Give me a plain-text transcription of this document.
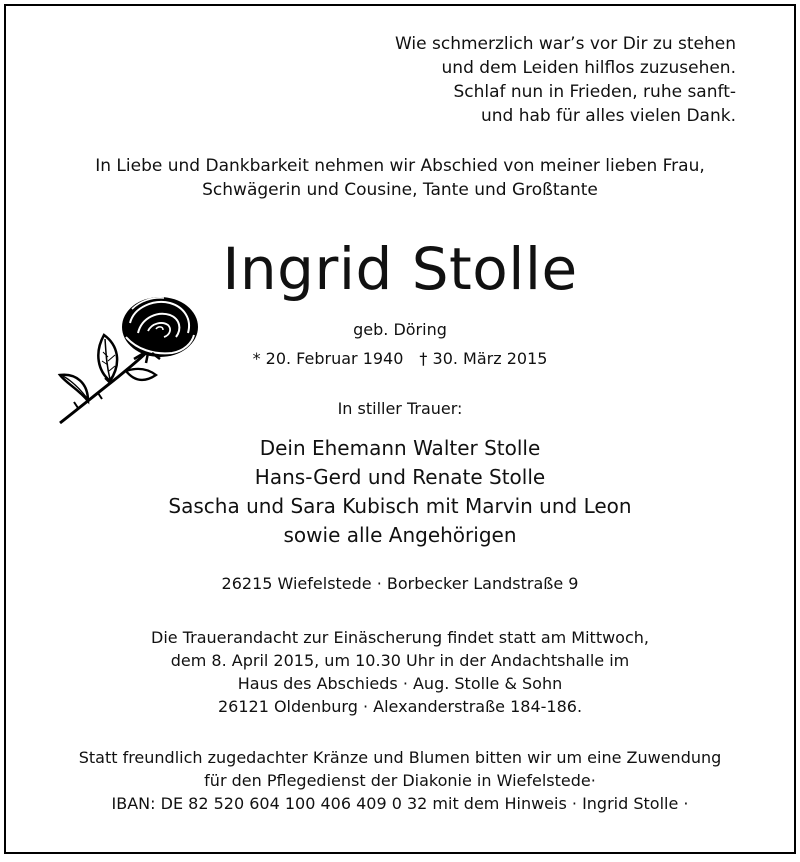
Wie schmerzlich war’s vor Dir zu stehen
und dem Leiden hilflos zuzusehen.
Schlaf nun in Frieden, ruhe sanft-
und hab für alles vielen Dank.
In Liebe und Dankbarkeit nehmen wir Abschied von meiner lieben Frau,
Schwägerin und Cousine, Tante und Großtante
Ingrid Stolle
geb. Döring
* 20. Februar 1940 † 30. März 2015
In stiller Trauer:
Dein Ehemann Walter Stolle
Hans-Gerd und Renate Stolle
Sascha und Sara Kubisch mit Marvin und Leon
sowie alle Angehörigen
26215 Wiefelstede · Borbecker Landstraße 9
Die Trauerandacht zur Einäscherung findet statt am Mittwoch,
dem 8. April 2015, um 10.30 Uhr in der Andachtshalle im
Haus des Abschieds · Aug. Stolle & Sohn
26121 Oldenburg · Alexanderstraße 184-186.
Statt freundlich zugedachter Kränze und Blumen bitten wir um eine Zuwendung
für den Pflegedienst der Diakonie in Wiefelstede·
IBAN: DE 82 520 604 100 406 409 0 32 mit dem Hinweis · Ingrid Stolle ·
